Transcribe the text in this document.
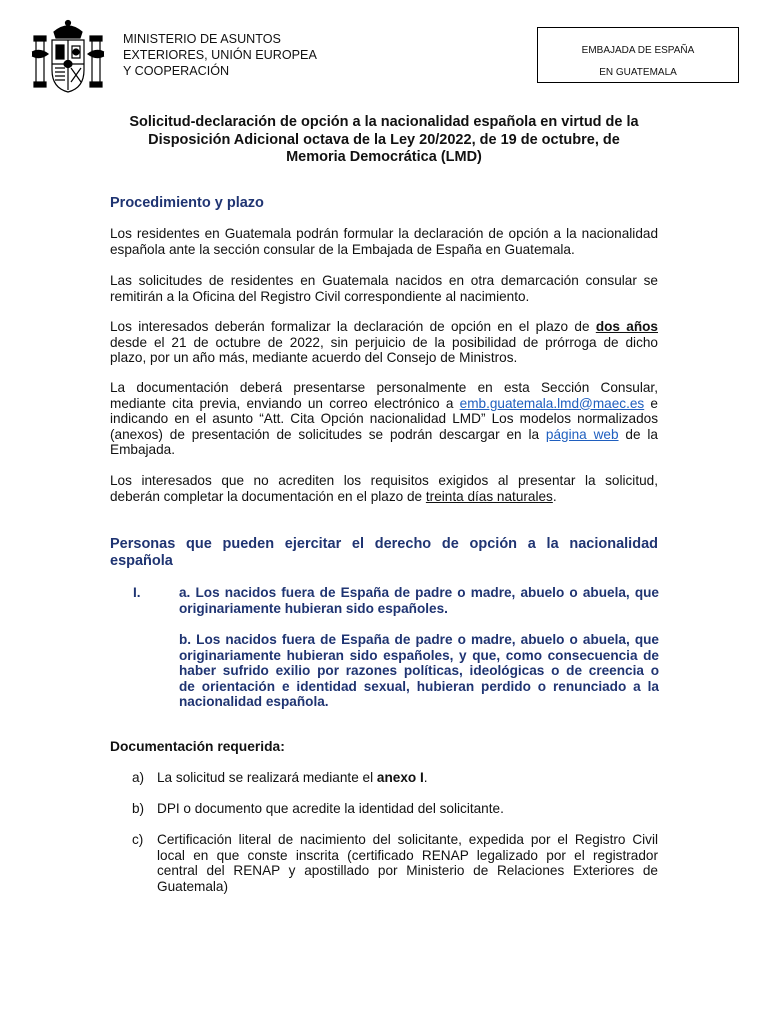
MINISTERIO DE ASUNTOS
EXTERIORES, UNIÓN EUROPEA
Y COOPERACIÓN
EMBAJADA DE ESPAÑA
EN GUATEMALA
Solicitud-declaración de opción a la nacionalidad española en virtud de la
Disposición Adicional octava de la Ley 20/2022, de 19 de octubre, de
Memoria Democrática (LMD)
Procedimiento y plazo
Los residentes en Guatemala podrán formular la declaración de opción a la nacionalidad
española ante la sección consular de la Embajada de España en Guatemala.
Las solicitudes de residentes en Guatemala nacidos en otra demarcación consular se
remitirán a la Oficina del Registro Civil correspondiente al nacimiento.
Los interesados deberán formalizar la declaración de opción en el plazo de dos años
desde el 21 de octubre de 2022, sin perjuicio de la posibilidad de prórroga de dicho
plazo, por un año más, mediante acuerdo del Consejo de Ministros.
La documentación deberá presentarse personalmente en esta Sección Consular,
mediante cita previa, enviando un correo electrónico a emb.guatemala.lmd@maec.es e
indicando en el asunto “Att. Cita Opción nacionalidad LMD” Los modelos normalizados
(anexos) de presentación de solicitudes se podrán descargar en la página web de la
Embajada.
Los interesados que no acrediten los requisitos exigidos al presentar la solicitud,
deberán completar la documentación en el plazo de treinta días naturales.
Personas que pueden ejercitar el derecho de opción a la nacionalidad
española
I.	a. Los nacidos fuera de España de padre o madre, abuelo o abuela, que
originariamente hubieran sido españoles.
b. Los nacidos fuera de España de padre o madre, abuelo o abuela, que
originariamente hubieran sido españoles, y que, como consecuencia de
haber sufrido exilio por razones políticas, ideológicas o de creencia o
de orientación e identidad sexual, hubieran perdido o renunciado a la
nacionalidad española.
Documentación requerida:
a) La solicitud se realizará mediante el anexo I.
b) DPI o documento que acredite la identidad del solicitante.
c) Certificación literal de nacimiento del solicitante, expedida por el Registro Civil
local en que conste inscrita (certificado RENAP legalizado por el registrador
central del RENAP y apostillado por Ministerio de Relaciones Exteriores de
Guatemala)
